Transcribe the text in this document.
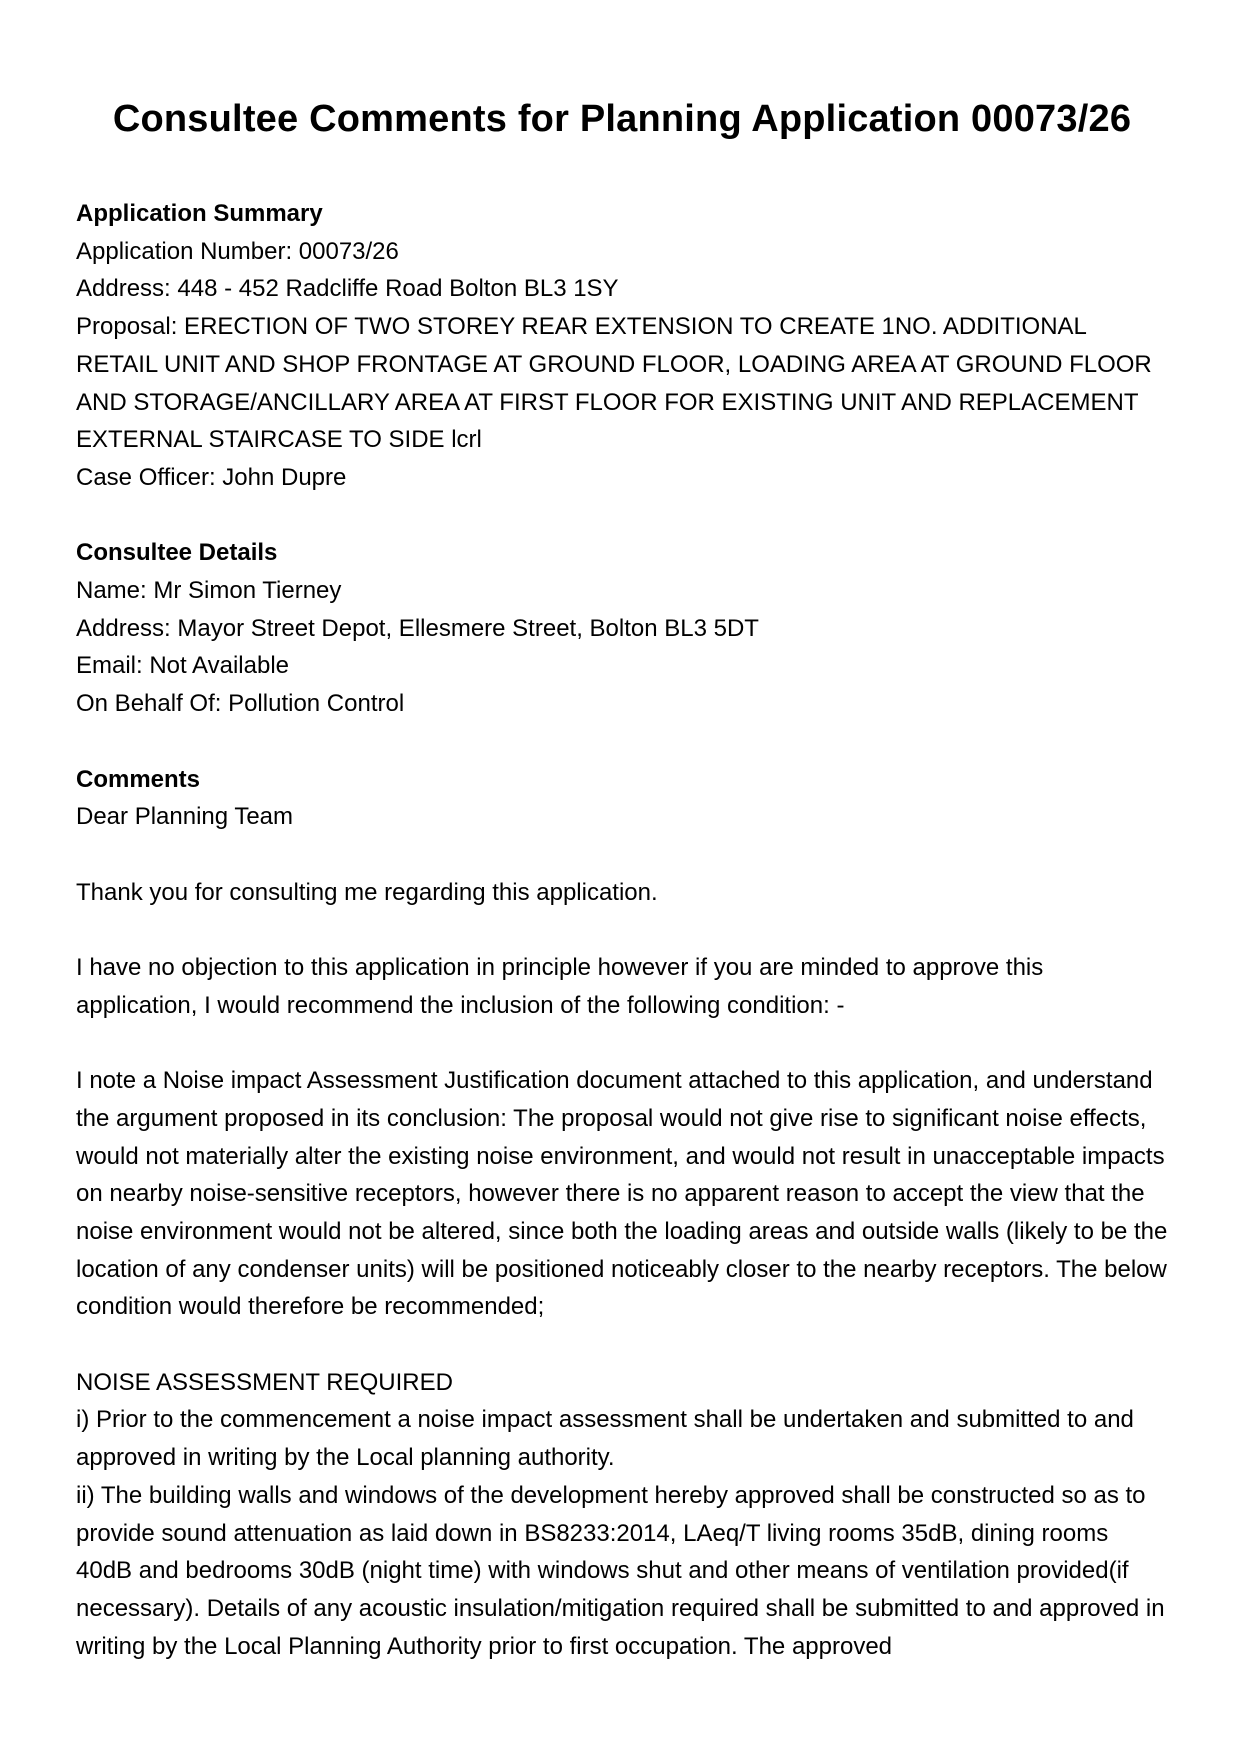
Consultee Comments for Planning Application 00073/26
Application Summary

Application Number: 00073/26

Address: 448 - 452 Radcliffe Road Bolton BL3 1SY

Proposal: ERECTION OF TWO STOREY REAR EXTENSION TO CREATE 1NO. ADDITIONAL RETAIL UNIT AND SHOP FRONTAGE AT GROUND FLOOR, LOADING AREA AT GROUND FLOOR AND STORAGE/ANCILLARY AREA AT FIRST FLOOR FOR EXISTING UNIT AND REPLACEMENT EXTERNAL STAIRCASE TO SIDE lcrl

Case Officer: John Dupre

Consultee Details

Name: Mr Simon Tierney

Address: Mayor Street Depot, Ellesmere Street, Bolton BL3 5DT

Email: Not Available

On Behalf Of: Pollution Control

Comments

Dear Planning Team

Thank you for consulting me regarding this application.

I have no objection to this application in principle however if you are minded to approve this application, I would recommend the inclusion of the following condition: -

I note a Noise impact Assessment Justification document attached to this application, and understand the argument proposed in its conclusion: The proposal would not give rise to significant noise effects, would not materially alter the existing noise environment, and would not result in unacceptable impacts on nearby noise-sensitive receptors, however there is no apparent reason to accept the view that the noise environment would not be altered, since both the loading areas and outside walls (likely to be the location of any condenser units) will be positioned noticeably closer to the nearby receptors. The below condition would therefore be recommended;

NOISE ASSESSMENT REQUIRED

i) Prior to the commencement a noise impact assessment shall be undertaken and submitted to and approved in writing by the Local planning authority.

ii) The building walls and windows of the development hereby approved shall be constructed so as to provide sound attenuation as laid down in BS8233:2014, LAeq/T living rooms 35dB, dining rooms 40dB and bedrooms 30dB (night time) with windows shut and other means of ventilation provided(if necessary). Details of any acoustic insulation/mitigation required shall be submitted to and approved in writing by the Local Planning Authority prior to first occupation. The approved
